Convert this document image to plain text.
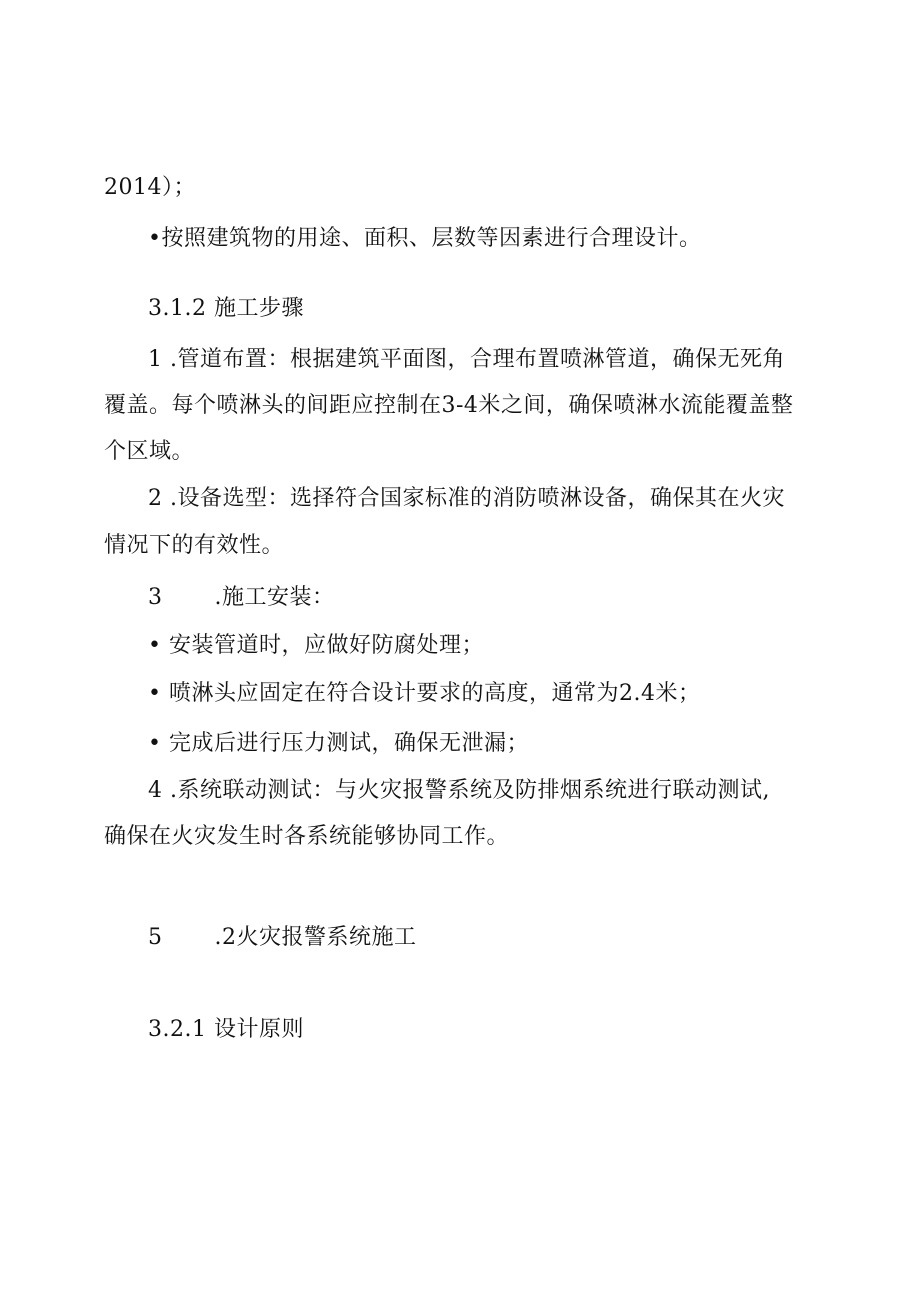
2014）；
•按照建筑物的用途、面积、层数等因素进行合理设计。
3.1.2 施工步骤
1 .管道布置：根据建筑平面图，合理布置喷淋管道，确保无死角
覆盖。每个喷淋头的间距应控制在3-4米之间，确保喷淋水流能覆盖整
个区域。
2 .设备选型：选择符合国家标准的消防喷淋设备，确保其在火灾
情况下的有效性。
3 .施工安装：
• 安装管道时，应做好防腐处理；
• 喷淋头应固定在符合设计要求的高度，通常为2.4米；
• 完成后进行压力测试，确保无泄漏；
4 .系统联动测试：与火灾报警系统及防排烟系统进行联动测试,
确保在火灾发生时各系统能够协同工作。
5 .2火灾报警系统施工
3.2.1 设计原则
